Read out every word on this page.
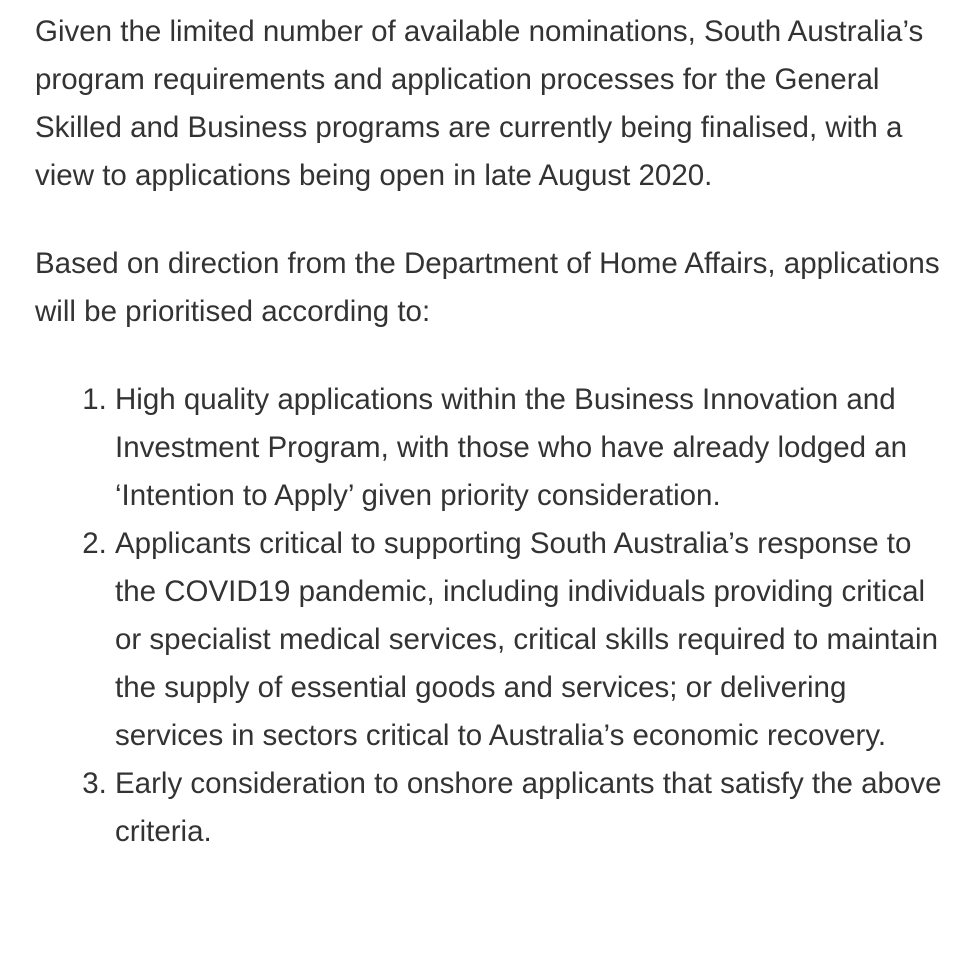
Given the limited number of available nominations, South Australia’s program requirements and application processes for the General Skilled and Business programs are currently being finalised, with a view to applications being open in late August 2020.

Based on direction from the Department of Home Affairs, applications will be prioritised according to:

1. High quality applications within the Business Innovation and Investment Program, with those who have already lodged an ‘Intention to Apply’ given priority consideration.
2. Applicants critical to supporting South Australia’s response to the COVID19 pandemic, including individuals providing critical or specialist medical services, critical skills required to maintain the supply of essential goods and services; or delivering services in sectors critical to Australia’s economic recovery.
3. Early consideration to onshore applicants that satisfy the above criteria.
